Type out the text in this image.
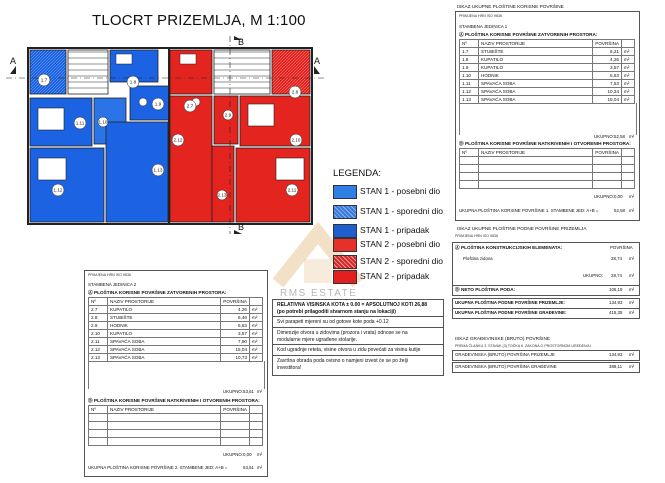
TLOCRT PRIZEMLJA, M 1:100
1.7	1.8
1.9
1.11	1.10
1.12
1.13
2.7
2.8
2.9
2.10
2.11
2.12
2.13
A	A
B
B
RMS ESTATE
LEGENDA:
STAN 1 - posebni dio
STAN 1 - sporedni dio
STAN 1 - pripadak
STAN 2 - posebni dio
STAN 2 - sporedni dio
STAN 2 - pripadak
ISKAZ UKUPNE PLOŠTINE KORISNE POVRŠINE
PRIMJENA HRN ISO 9836
STAMBENA JEDINICA 1
Ⓐ PLOŠTINA KORISNE POVRŠINE ZATVORENIH PROSTORA:
Nº	NAZIV PROSTORIJE	POVRŠINA	
1.7	STUBIŠTE	6,21	m²
1.8	KUPATILO	4,26	m²
1.9	KUPATILO	3,57	m²
1.10	HODNIK	5,63	m²
1.11	SPAVAĆA SOBA	7,53	m²
1.12	SPAVAĆA SOBA	10,34	m²
1.13	SPAVAĆA SOBA	15,04	m²
UKUPNO: 52,58 m²
Ⓑ PLOŠTINA KORISNE POVRŠINE NATKRIVENIH I OTVORENIH PROSTORA:
Nº	NAZIV PROSTORIJE	POVRŠINA	

UKUPNO: 0,00 m²
UKUPNA PLOŠTINA KORISNE POVRŠINE 1. STAMBENE JED: A+B =	52,58 m²
ISKAZ UKUPNE PLOŠTINE PODNE POVRŠINE PRIZEMLJA
PRIMJENA HRN ISO 9836
Ⓐ PLOŠTINA KONSTRUKCIJSKIH ELEMENATA:	POVRŠINA
Ploština zidova	28,74 m²
UKUPNO: 28,74 m²
Ⓑ NETO PLOŠTINA PODA:	106,19 m²
UKUPNA PLOŠTINA PODNE POVRŠINE PRIZEMLJE:	134,93 m²
UKUPNA PLOŠTINA PODNE POVRŠINE GRAĐEVINE:	415,35 m²
ISKAZ GRAĐEVINSKE (BRUTO) POVRŠINE
PREMA ČLANKU 3. STAVAK (3) TOČKA 6. ZAKONA O PROSTORNOM UREĐENJU
GRAĐEVINSKA (BRUTO) POVRŠINA PRIZEMLJE	134,93 m²
GRAĐEVINSKA (BRUTO) POVRŠINA GRAĐEVINE	388,11 m²
PRIMJENA HRN ISO 9836
STAMBENA JEDINICA 2
Ⓐ PLOŠTINA KORISNE POVRŠINE ZATVORENIH PROSTORA:
Nº	NAZIV PROSTORIJE	POVRŠINA	
2.7	KUPATILO	4,26	m²
2.8	STUBIŠTE	6,46	m²
2.9	HODNIK	5,63	m²
2.10	KUPATILO	3,57	m²
2.11	SPAVAĆA SOBA	7,90	m²
2.12	SPAVAĆA SOBA	15,04	m²
2.13	SPAVAĆA SOBA	10,73	m²
UKUPNO: 53,61 m²
Ⓑ PLOŠTINA KORISNE POVRŠINE NATKRIVENIH I OTVORENIH PROSTORA:
Nº	NAZIV PROSTORIJE	POVRŠINA	

UKUPNO: 0,00 m²
UKUPNA PLOŠTINA KORISNE POVRŠINE 2. STAMBENE JED: A+B =	53,61 m²
RELATIVNA VISINSKA KOTA ± 0.00 = APSOLUTNOJ KOTI 26,88
(po potrebi prilagoditi stvarnom stanju na lokaciji)
Svi parapeti mjereni su od gotove kote poda +0.12
Dimenzije otvora u zidovima (prozora i vrata) odnose se na
modularne mjere ugrađene stolarije.
Kod ugradnje reteta, visine otvora u zidu povećati za visinu kutije
Završna obrada poda ovisno o namjeni izvest će se po želji
investitora!
